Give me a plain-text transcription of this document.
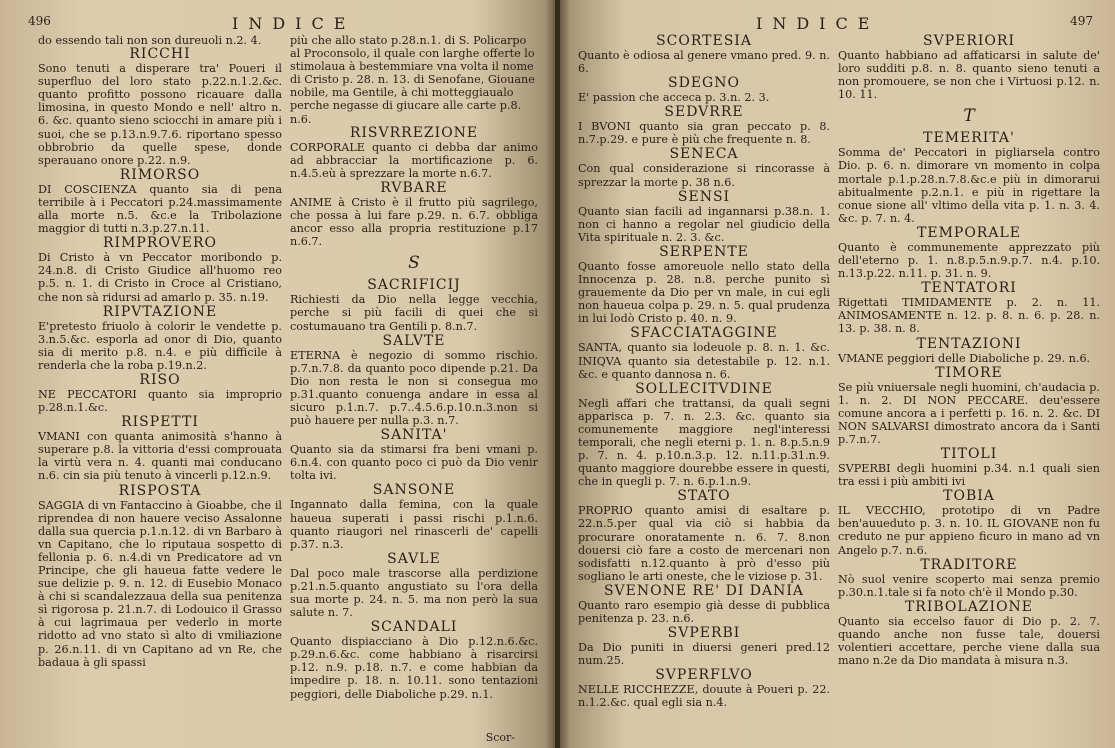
496	INDICE

do essendo tali non son dureuoli n.2. 4.

RICCHI

Sono tenuti a disperare tra' Poueri il superfluo del loro stato p.22.n.1.2.&c. quanto profitto possono ricauare dalla limosina, in questo Mondo e nell' altro n. 6. &c. quanto sieno sciocchi in amare più i suoi, che se p.13.n.9.7.6. riportano spesso obbrobrio da quelle spese, donde sperauano onore p.22. n.9.

RIMORSO

DI COSCIENZA quanto sia di pena terribile à i Peccatori p.24.massimamente alla morte n.5. &c.e la Tribolazione maggior di tutti n.3.p.27.n.11.

RIMPROVERO

Di Cristo à vn Peccator moribondo p. 24.n.8. di Cristo Giudice all'huomo reo p.5. n. 1. di Cristo in Croce al Cristiano, che non sà ridursi ad amarlo p. 35. n.19.

RIPVTAZIONE

E'pretesto friuolo à colorir le vendette p. 3.n.5.&c. esporla ad onor di Dio, quanto sia di merito p.8. n.4. e più difficile à renderla che la roba p.19.n.2.

RISO

NE PECCATORI quanto sia improprio p.28.n.1.&c.

RISPETTI

VMANI con quanta animosità s'hanno à superare p.8. la vittoria d'essi comprouata la virtù vera n. 4. quanti mai conducano n.6. cin sia più tenuto à vincerli p.12.n.9.

RISPOSTA

SAGGIA di vn Fantaccino à Gioabbe, che il riprendea di non hauere veciso Assalonne dalla sua quercia p.1.n.12. di vn Barbaro à vn Capitano, che lo riputaua sospetto di fellonia p. 6. n.4.di vn Predicatore ad vn Principe, che gli haueua fatte vedere le sue delizie p. 9. n. 12. di Eusebio Monaco à chi si scandalezzaua della sua penitenza sì rigorosa p. 21.n.7. di Lodouico il Grasso à cui lagrimaua per vederlo in morte ridotto ad vno stato sì alto di vmiliazione p. 26.n.11. di vn Capitano ad vn Re, che badaua à gli spassi

più che allo stato p.28.n.1. di S. Policarpo al Proconsolo, il quale con larghe offerte lo stimolaua à bestemmiare vna volta il nome di Cristo p. 28. n. 13. di Senofane, Giouane nobile, ma Gentile, à chi motteggiaualo perche negasse di giucare alle carte p.8. n.6.

RISVRREZIONE

CORPORALE quanto ci debba dar animo ad abbracciar la mortificazione p. 6. n.4.5.eù à sprezzare la morte n.6.7.

RVBARE

ANIME à Cristo è il frutto più sagrilego, che possa à lui fare p.29. n. 6.7. obbliga ancor esso alla propria restituzione p.17 n.6.7.

S

SACRIFICIJ

Richiesti da Dio nella legge vecchia, perche si più facili di quei che si costumauano tra Gentili p. 8.n.7.

SALVTE

ETERNA è negozio di sommo rischio. p.7.n.7.8. da quanto poco dipende p.21. Da Dio non resta le non si consegua mo p.31.quanto conuenga andare in essa al sicuro p.1.n.7. p.7..4.5.6.p.10.n.3.non si può hauere per nulla p.3. n.7.

SANITA'

Quanto sia da stimarsi fra beni vmani p. 6.n.4. con quanto poco ci può da Dio venir tolta ivi.

SANSONE

Ingannato dalla femina, con la quale haueua superati i passi rischi p.1.n.6. quanto riaugori nel rinascerli de' capelli p.37. n.3.

SAVLE

Dal poco male trascorse alla perdizione p.21.n.5.quanto angustiato su l'ora della sua morte p. 24. n. 5. ma non però la sua salute n. 7.

SCANDALI

Quanto dispiacciano à Dio p.12.n.6.&c. p.29.n.6.&c. come habbiano à risarcirsi p.12. n.9. p.18. n.7. e come habbian da impedire p. 18. n. 10.11. sono tentazioni peggiori, delle Diaboliche p.29. n.1.

Scor-
INDICE	497

SCORTESIA

Quanto è odiosa al genere vmano pred. 9. n. 6.

SDEGNO

E' passion che acceca p. 3.n. 2. 3.

SEDVRRE

I BVONI quanto sia gran peccato p. 8. n.7.p.29. e pure è più che frequente n. 8.

SENECA

Con qual considerazione si rincorasse à sprezzar la morte p. 38 n.6.

SENSI

Quanto sian facili ad ingannarsi p.38.n. 1. non ci hanno a regolar nel giudicio della Vita spirituale n. 2. 3. &c.

SERPENTE

Quanto fosse amoreuole nello stato della Innocenza p. 28. n.8. perche punito sì grauemente da Dio per vn male, in cui egli non haueua colpa p. 29. n. 5. qual prudenza in lui lodò Cristo p. 40. n. 9.

SFACCIATAGGINE

SANTA, quanto sia lodeuole p. 8. n. 1. &c. INIQVA quanto sia detestabile p. 12. n.1. &c. e quanto dannosa n. 6.

SOLLECITVDINE

Negli affari che trattansi, da quali segni apparisca p. 7. n. 2.3. &c. quanto sia comunemente maggiore negl'interessi temporali, che negli eterni p. 1. n. 8.p.5.n.9 p. 7. n. 4. p.10.n.3.p. 12. n.11.p.31.n.9. quanto maggiore dourebbe essere in questi, che in quegli p. 7. n. 6.p.1.n.9.

STATO

PROPRIO quanto amisi di esaltare p. 22.n.5.per qual via ciò si habbia da procurare onoratamente n. 6. 7. 8.non douersi ciò fare a costo de mercenari non sodisfatti n.12.quanto à prò d'esso più sogliano le arti oneste, che le viziose p. 31.

SVENONE RE' DI DANIA

Quanto raro esempio già desse di pubblica penitenza p. 23. n.6.

SVPERBI

Da Dio puniti in diuersi generi pred.12 num.25.

SVPERFLVO

NELLE RICCHEZZE, douute à Poueri p. 22. n.1.2.&c. qual egli sia n.4.

SVPERIORI

Quanto habbiano ad affaticarsi in salute de' loro sudditi p.8. n. 8. quanto sieno tenuti a non promouere, se non che i Virtuosi p.12. n. 10. 11.

T

TEMERITA'

Somma de' Peccatori in pigliarsela contro Dio. p. 6. n. dimorare vn momento in colpa mortale p.1.p.28.n.7.8.&c.e più in dimorarui abitualmente p.2.n.1. e più in rigettare la conue sione all' vltimo della vita p. 1. n. 3. 4. &c. p. 7. n. 4.

TEMPORALE

Quanto è communemente apprezzato più dell'eterno p. 1. n.8.p.5.n.9.p.7. n.4. p.10. n.13.p.22. n.11. p. 31. n. 9.

TENTATORI

Rigettati TIMIDAMENTE p. 2. n. 11. ANIMOSAMENTE n. 12. p. 8. n. 6. p. 28. n. 13. p. 38. n. 8.

TENTAZIONI

VMANE peggiori delle Diaboliche p. 29. n.6.

TIMORE

Se più vniuersale negli huomini, ch'audacia p. 1. n. 2. DI NON PECCARE. deu'essere comune ancora a i perfetti p. 16. n. 2. &c. DI NON SALVARSI dimostrato ancora da i Santi p.7.n.7.

TITOLI

SVPERBI degli huomini p.34. n.1 quali sien tra essi i più ambiti ivi

TOBIA

IL VECCHIO, prototipo di vn Padre ben'auueduto p. 3. n. 10. IL GIOVANE non fu creduto ne pur appieno ficuro in mano ad vn Angelo p.7. n.6.

TRADITORE

Nò suol venire scoperto mai senza premio p.30.n.1.tale si fa noto ch'è il Mondo p.30.

TRIBOLAZIONE

Quanto sia eccelso fauor di Dio p. 2. 7. quando anche non fusse tale, douersi volentieri accettare, perche viene dalla sua mano n.2e da Dio mandata à misura n.3.
